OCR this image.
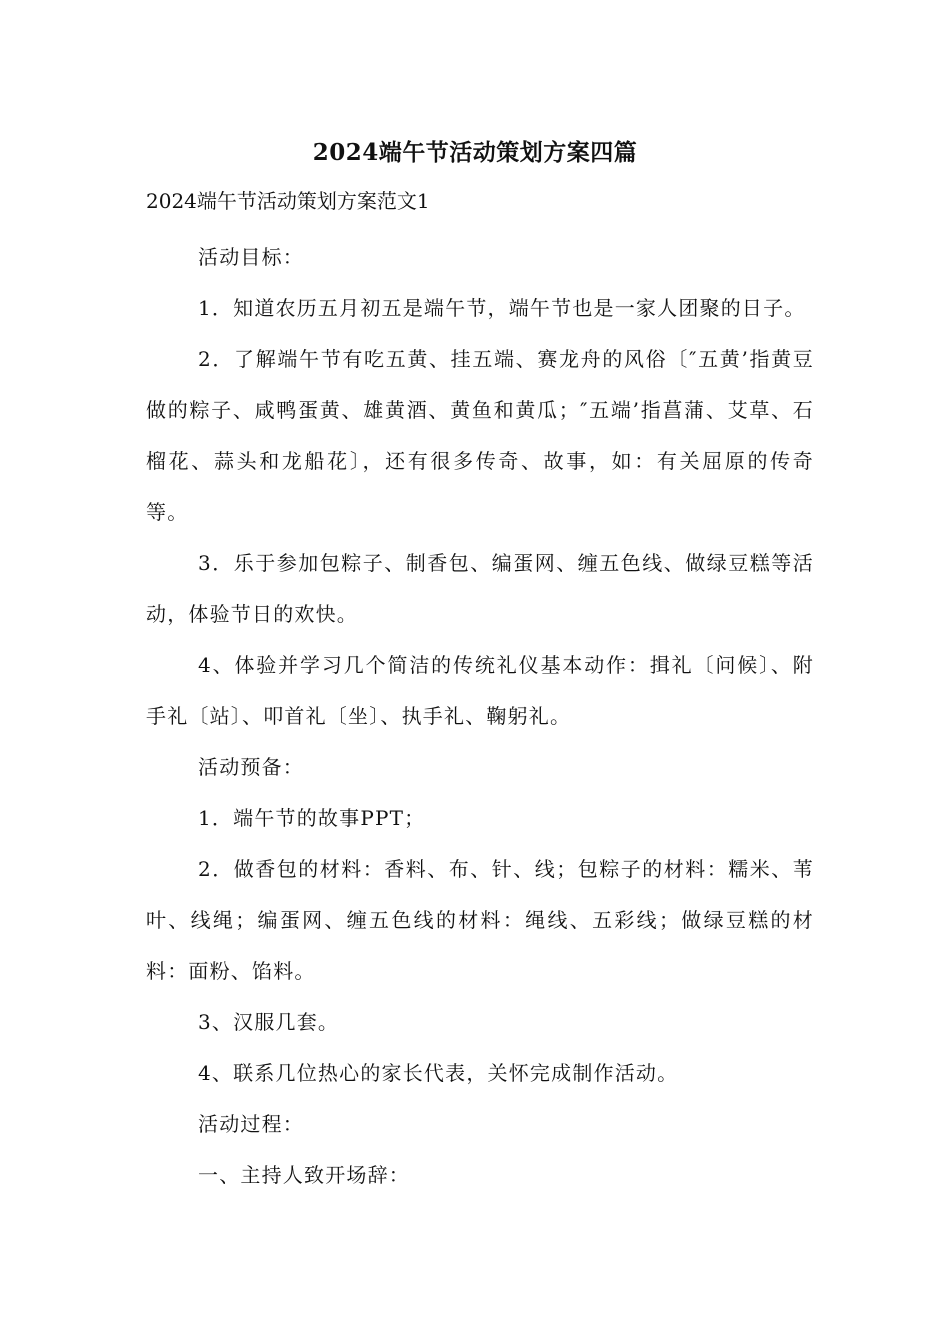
2024端午节活动策划方案四篇
2024端午节活动策划方案范文1

活动目标：

1．知道农历五月初五是端午节，端午节也是一家人团聚的日子。

2．了解端午节有吃五黄、挂五端、赛龙舟的风俗〔″五黄’指黄豆做的粽子、咸鸭蛋黄、雄黄酒、黄鱼和黄瓜；″五端’指菖蒲、艾草、石榴花、蒜头和龙船花〕，还有很多传奇、故事，如：有关屈原的传奇等。

3．乐于参加包粽子、制香包、编蛋网、缠五色线、做绿豆糕等活动，体验节日的欢快。

4、体验并学习几个简洁的传统礼仪基本动作：揖礼〔问候〕、附手礼〔站〕、叩首礼〔坐〕、执手礼、鞠躬礼。

活动预备：

1．端午节的故事PPT；

2．做香包的材料：香料、布、针、线；包粽子的材料：糯米、苇叶、线绳；编蛋网、缠五色线的材料：绳线、五彩线；做绿豆糕的材料：面粉、馅料。

3、汉服几套。

4、联系几位热心的家长代表，关怀完成制作活动。

活动过程：

一、主持人致开场辞：
